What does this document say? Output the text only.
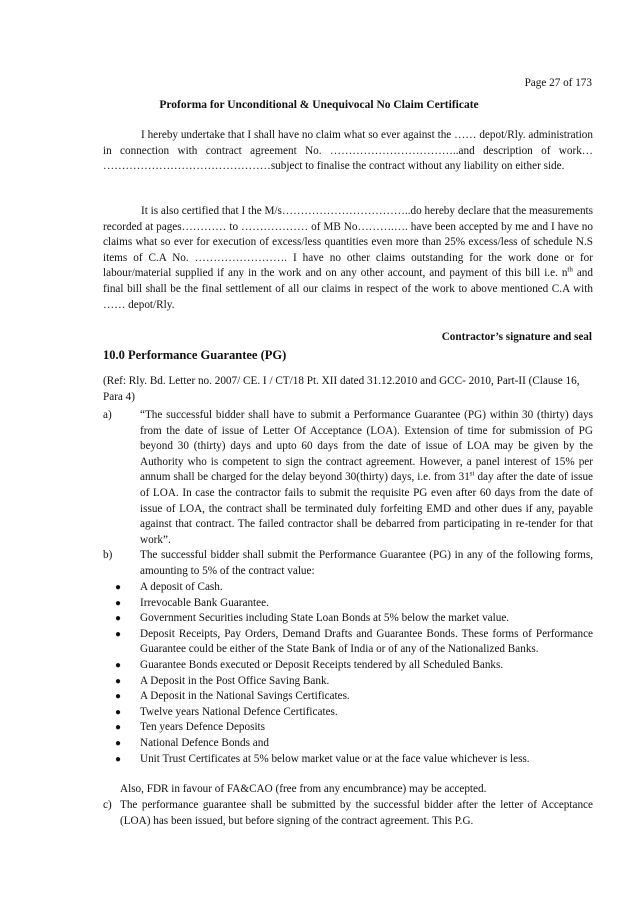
Page 27 of 173
Proforma for Unconditional & Unequivocal No Claim Certificate
I hereby undertake that I shall have no claim what so ever against the …… depot/Rly. administration in connection with contract agreement No. ……………………………..and description of work… ………………………………………subject to finalise the contract without any liability on either side.
It is also certified that I the M/s……………………………..do hereby declare that the measurements recorded at pages………… to ……………… of MB No……….…. have been accepted by me and I have no claims what so ever for execution of excess/less quantities even more than 25% excess/less of schedule N.S items of C.A No. ……………………. I have no other claims outstanding for the work done or for labour/material supplied if any in the work and on any other account, and payment of this bill i.e. $n^{th}$ and final bill shall be the final settlement of all our claims in respect of the work to above mentioned C.A with …… depot/Rly.
Contractor’s signature and seal
10.0 Performance Guarantee (PG)
(Ref: Rly. Bd. Letter no. 2007/ CE. I / CT/18 Pt. XII dated 31.12.2010 and GCC- 2010, Part-II (Clause 16, Para 4)
a)	“The successful bidder shall have to submit a Performance Guarantee (PG) within 30 (thirty) days from the date of issue of Letter Of Acceptance (LOA). Extension of time for submission of PG beyond 30 (thirty) days and upto 60 days from the date of issue of LOA may be given by the Authority who is competent to sign the contract agreement. However, a panel interest of 15% per annum shall be charged for the delay beyond 30(thirty) days, i.e. from 31st day after the date of issue of LOA. In case the contractor fails to submit the requisite PG even after 60 days from the date of issue of LOA, the contract shall be terminated duly forfeiting EMD and other dues if any, payable against that contract. The failed contractor shall be debarred from participating in re-tender for that work”.
b) The successful bidder shall submit the Performance Guarantee (PG) in any of the following forms, amounting to 5% of the contract value:
● A deposit of Cash.
● Irrevocable Bank Guarantee.
● Government Securities including State Loan Bonds at 5% below the market value.
● Deposit Receipts, Pay Orders, Demand Drafts and Guarantee Bonds. These forms of Performance Guarantee could be either of the State Bank of India or of any of the Nationalized Banks.
● Guarantee Bonds executed or Deposit Receipts tendered by all Scheduled Banks.
● A Deposit in the Post Office Saving Bank.
● A Deposit in the National Savings Certificates.
● Twelve years National Defence Certificates.
● Ten years Defence Deposits
● National Defence Bonds and
● Unit Trust Certificates at 5% below market value or at the face value whichever is less.
Also, FDR in favour of FA&CAO (free from any encumbrance) may be accepted.
c) The performance guarantee shall be submitted by the successful bidder after the letter of Acceptance (LOA) has been issued, but before signing of the contract agreement. This P.G.
